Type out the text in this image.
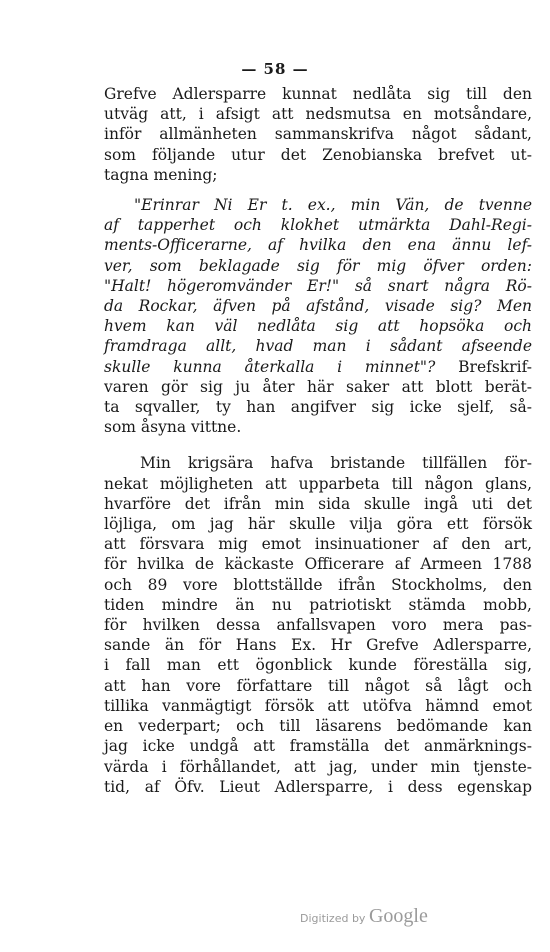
— 58 —
Grefve Adlersparre kunnat nedlåta sig till den
utväg att, i afsigt att nedsmutsa en motsåndare,
inför allmänheten sammanskrifva något sådant,
som följande utur det Zenobianska brefvet ut-
tagna mening;
"Erinrar Ni Er t. ex., min Vän, de tvenne
af tapperhet och klokhet utmärkta Dahl-Regi-
ments-Officerarne, af hvilka den ena ännu lef-
ver, som beklagade sig för mig öfver orden:
"Halt! högeromvänder Er!" så snart några Rö-
da Rockar, äfven på afstånd, visade sig? Men
hvem kan väl nedlåta sig att hopsöka och
framdraga allt, hvad man i sådant afseende
skulle kunna återkalla i minnet"? Brefskrif-
varen gör sig ju åter här saker att blott berät-
ta sqvaller, ty han angifver sig icke sjelf, så-
som åsyna vittne.
Min krigsära hafva bristande tillfällen för-
nekat möjligheten att upparbeta till någon glans,
hvarföre det ifrån min sida skulle ingå uti det
löjliga, om jag här skulle vilja göra ett försök
att försvara mig emot insinuationer af den art,
för hvilka de käckaste Officerare af Armeen 1788
och 89 vore blottställde ifrån Stockholms, den
tiden mindre än nu patriotiskt stämda mobb,
för hvilken dessa anfallsvapen voro mera pas-
sande än för Hans Ex. Hr Grefve Adlersparre,
i fall man ett ögonblick kunde föreställa sig,
att han vore författare till något så lågt och
tillika vanmägtigt försök att utöfva hämnd emot
en vederpart; och till läsarens bedömande kan
jag icke undgå att framställa det anmärknings-
värda i förhållandet, att jag, under min tjenste-
tid, af Öfv. Lieut Adlersparre, i dess egenskap
Digitized by Google
